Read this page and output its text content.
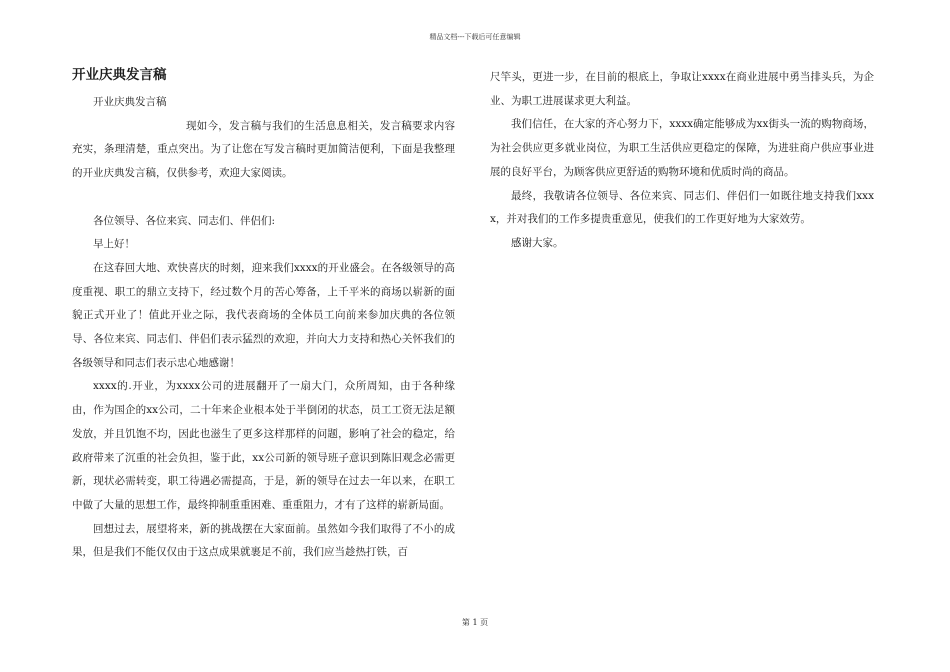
精品文档---下载后可任意编辑
开业庆典发言稿

开业庆典发言稿

现如今，发言稿与我们的生活息息相关，发言稿要求内容充实，条理清楚，重点突出。为了让您在写发言稿时更加简洁便利，下面是我整理的开业庆典发言稿，仅供参考，欢迎大家阅读。

各位领导、各位来宾、同志们、伴侣们:

早上好！

在这春回大地、欢快喜庆的时刻，迎来我们xxxx的开业盛会。在各级领导的高度重视、职工的鼎立支持下，经过数个月的苦心筹备，上千平米的商场以崭新的面貌正式开业了！值此开业之际，我代表商场的全体员工向前来参加庆典的各位领导、各位来宾、同志们、伴侣们表示猛烈的欢迎，并向大力支持和热心关怀我们的各级领导和同志们表示忠心地感谢！

xxxx的.开业，为xxxx公司的进展翻开了一扇大门，众所周知，由于各种缘由，作为国企的xx公司，二十年来企业根本处于半倒闭的状态，员工工资无法足额发放，并且饥饱不均，因此也滋生了更多这样那样的问题，影响了社会的稳定，给政府带来了沉重的社会负担，鉴于此，xx公司新的领导班子意识到陈旧观念必需更新，现状必需转变，职工待遇必需提高，于是，新的领导在过去一年以来，在职工中做了大量的思想工作，最终抑制重重困难、重重阻力，才有了这样的崭新局面。

回想过去，展望将来，新的挑战摆在大家面前。虽然如今我们取得了不小的成果，但是我们不能仅仅由于这点成果就裹足不前，我们应当趁热打铁，百

尺竿头，更进一步，在目前的根底上，争取让xxxx在商业进展中勇当排头兵，为企业、为职工进展谋求更大利益。

我们信任，在大家的齐心努力下，xxxx确定能够成为xx街头一流的购物商场，为社会供应更多就业岗位，为职工生活供应更稳定的保障，为进驻商户供应事业进展的良好平台，为顾客供应更舒适的购物环境和优质时尚的商品。

最终，我敬请各位领导、各位来宾、同志们、伴侣们一如既往地支持我们xxxx，并对我们的工作多提贵重意见，使我们的工作更好地为大家效劳。

感谢大家。

第 1 页
